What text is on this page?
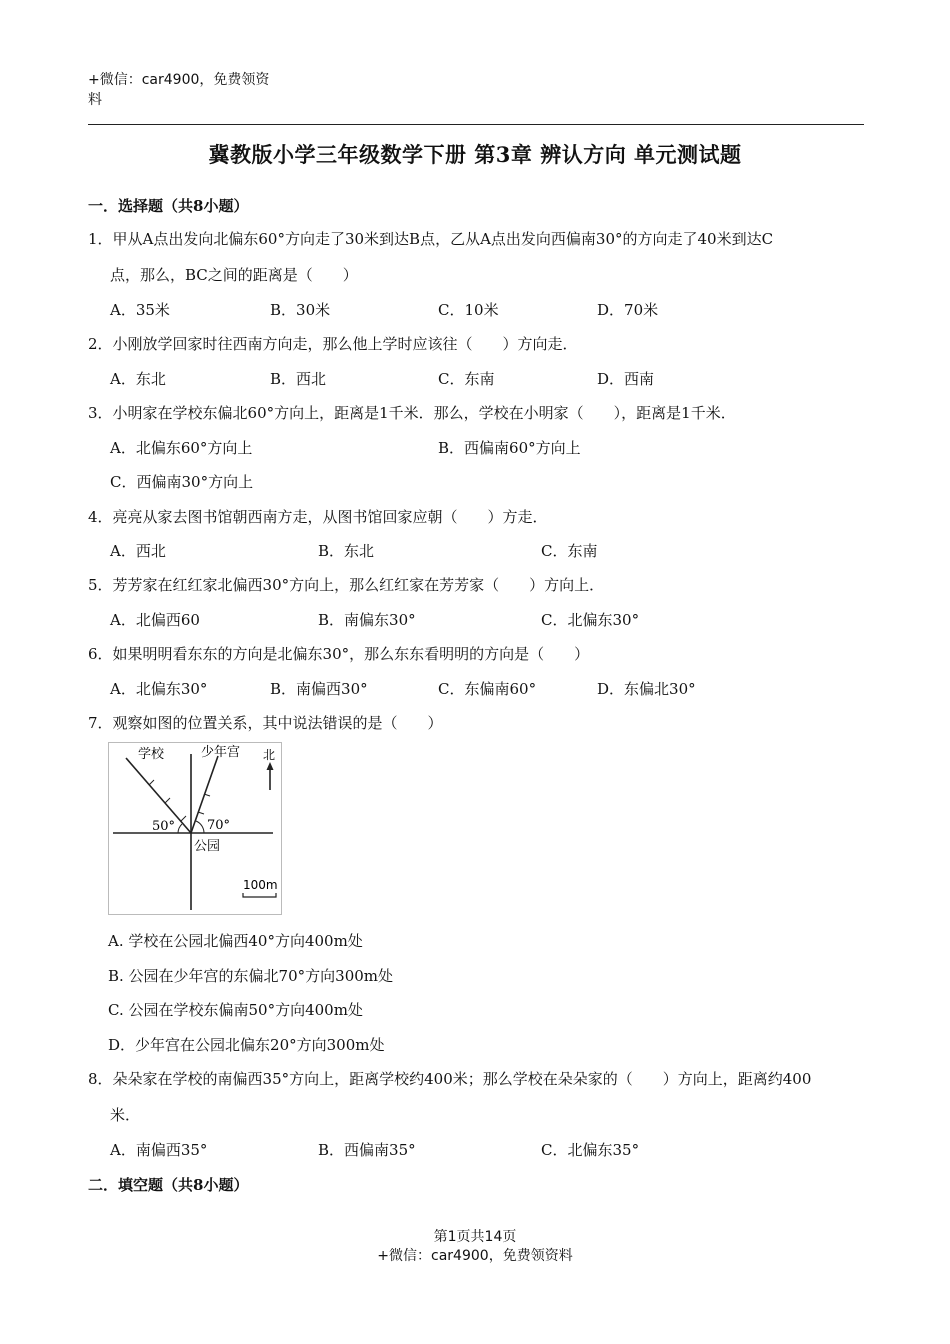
+微信：car4900，免费领资
料
冀教版小学三年级数学下册 第3章 辨认方向 单元测试题
一．选择题（共8小题）
1．甲从A点出发向北偏东60°方向走了30米到达B点，乙从A点出发向西偏南30°的方向走了40米到达C
点，那么，BC之间的距离是（　　）
A．35米	B．30米	C．10米	D．70米
2．小刚放学回家时往西南方向走，那么他上学时应该往（　　）方向走．
A．东北	B．西北	C．东南	D．西南
3．小明家在学校东偏北60°方向上，距离是1千米．那么，学校在小明家（　　），距离是1千米．
A．北偏东60°方向上	B．西偏南60°方向上
C．西偏南30°方向上
4．亮亮从家去图书馆朝西南方走，从图书馆回家应朝（　　）方走．
A．西北	B．东北	C．东南
5．芳芳家在红红家北偏西30°方向上，那么红红家在芳芳家（　　）方向上．
A．北偏西60	B．南偏东30°	C．北偏东30°
6．如果明明看东东的方向是北偏东30°，那么东东看明明的方向是（　　）
A．北偏东30°	B．南偏西30°	C．东偏南60°	D．东偏北30°
7．观察如图的位置关系，其中说法错误的是（　　）
学校	少年宫 北
50° 70°
公园
100m
A. 学校在公园北偏西40°方向400m处
B. 公园在少年宫的东偏北70°方向300m处
C. 公园在学校东偏南50°方向400m处
D．少年宫在公园北偏东20°方向300m处
8．朵朵家在学校的南偏西35°方向上，距离学校约400米；那么学校在朵朵家的（　　）方向上，距离约400
米．
A．南偏西35°	B．西偏南35°	C．北偏东35°
二．填空题（共8小题）
第1页共14页
+微信：car4900，免费领资料
